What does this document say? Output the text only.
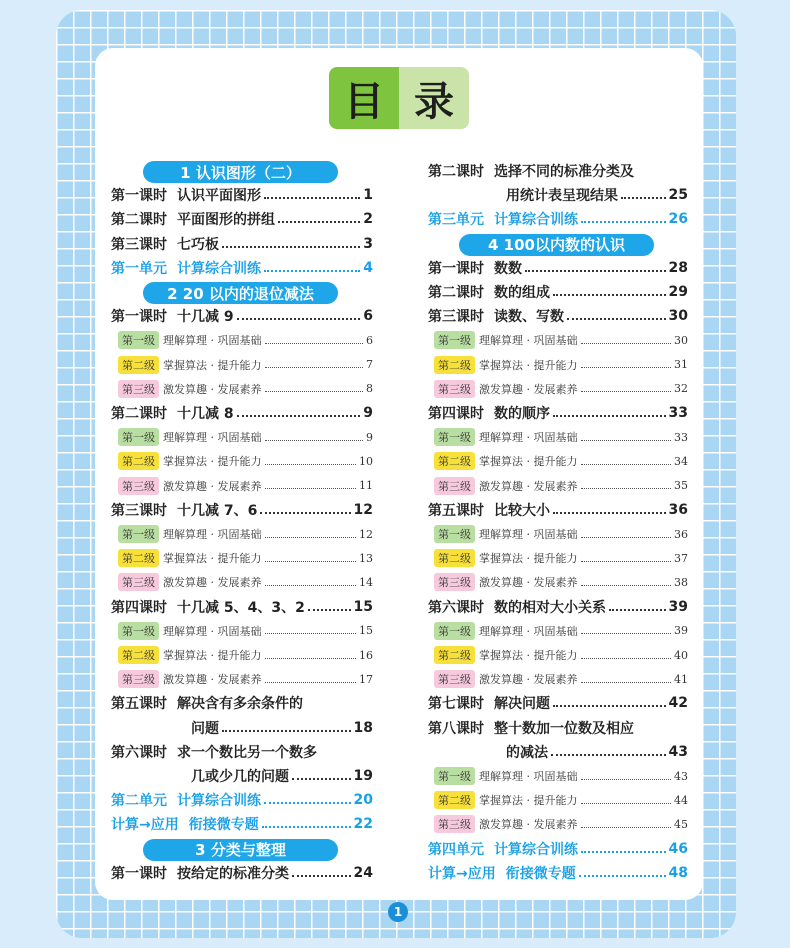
目 录
1 认识图形（二）
第一课时 认识平面图形	1
第二课时 平面图形的拼组	2
第三课时 七巧板	3
第一单元 计算综合训练	4
2 20 以内的退位减法
第一课时 十几减 9	6
第一级 理解算理 · 巩固基础	6
第二级 掌握算法 · 提升能力	7
第三级 激发算趣 · 发展素养	8
第二课时 十几减 8	9
第一级 理解算理 · 巩固基础	9
第二级 掌握算法 · 提升能力	10
第三级 激发算趣 · 发展素养	11
第三课时 十几减 7、6	12
第一级 理解算理 · 巩固基础	12
第二级 掌握算法 · 提升能力	13
第三级 激发算趣 · 发展素养	14
第四课时 十几减 5、4、3、2	15
第一级 理解算理 · 巩固基础	15
第二级 掌握算法 · 提升能力	16
第三级 激发算趣 · 发展素养	17
第五课时 解决含有多余条件的
问题	18
第六课时 求一个数比另一个数多
几或少几的问题	19
第二单元 计算综合训练	20
计算→应用 衔接微专题	22
3 分类与整理
第一课时 按给定的标准分类	24
第二课时 选择不同的标准分类及
用统计表呈现结果	25
第三单元 计算综合训练	26
4 100以内数的认识
第一课时 数数	28
第二课时 数的组成	29
第三课时 读数、写数	30
第一级 理解算理 · 巩固基础	30
第二级 掌握算法 · 提升能力	31
第三级 激发算趣 · 发展素养	32
第四课时 数的顺序	33
第一级 理解算理 · 巩固基础	33
第二级 掌握算法 · 提升能力	34
第三级 激发算趣 · 发展素养	35
第五课时 比较大小	36
第一级 理解算理 · 巩固基础	36
第二级 掌握算法 · 提升能力	37
第三级 激发算趣 · 发展素养	38
第六课时 数的相对大小关系	39
第一级 理解算理 · 巩固基础	39
第二级 掌握算法 · 提升能力	40
第三级 激发算趣 · 发展素养	41
第七课时 解决问题	42
第八课时 整十数加一位数及相应
的减法	43
第一级 理解算理 · 巩固基础	43
第二级 掌握算法 · 提升能力	44
第三级 激发算趣 · 发展素养	45
第四单元 计算综合训练	46
计算→应用 衔接微专题	48
1
